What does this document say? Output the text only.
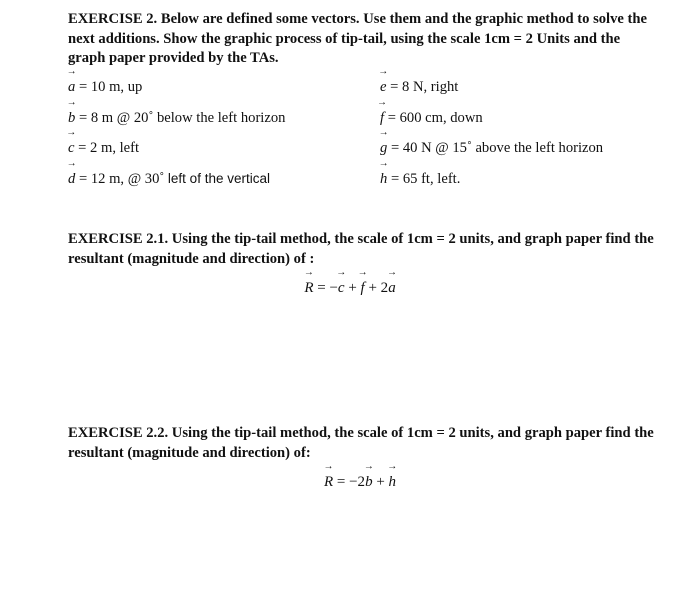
EXERCISE 2. Below are defined some vectors. Use them and the graphic method to solve the next additions. Show the graphic process of tip-tail, using the scale 1cm = 2 Units and the graph paper provided by the TAs.
→ a = 10 m, up
→ b = 8 m @ 20˚ below the left horizon
→ c = 2 m, left
→ d = 12 m, @ 30˚ left of the vertical
→ e = 8 N, right
→ f = 600 cm, down
→ g = 40 N @ 15˚ above the left horizon
→ h = 65 ft, left.
EXERCISE 2.1. Using the tip-tail method, the scale of 1cm = 2 units, and graph paper find the resultant (magnitude and direction) of :
→ R = −→ c + → f + 2→ a
EXERCISE 2.2. Using the tip-tail method, the scale of 1cm = 2 units, and graph paper find the resultant (magnitude and direction) of:
→ R = −2→ b + → h
